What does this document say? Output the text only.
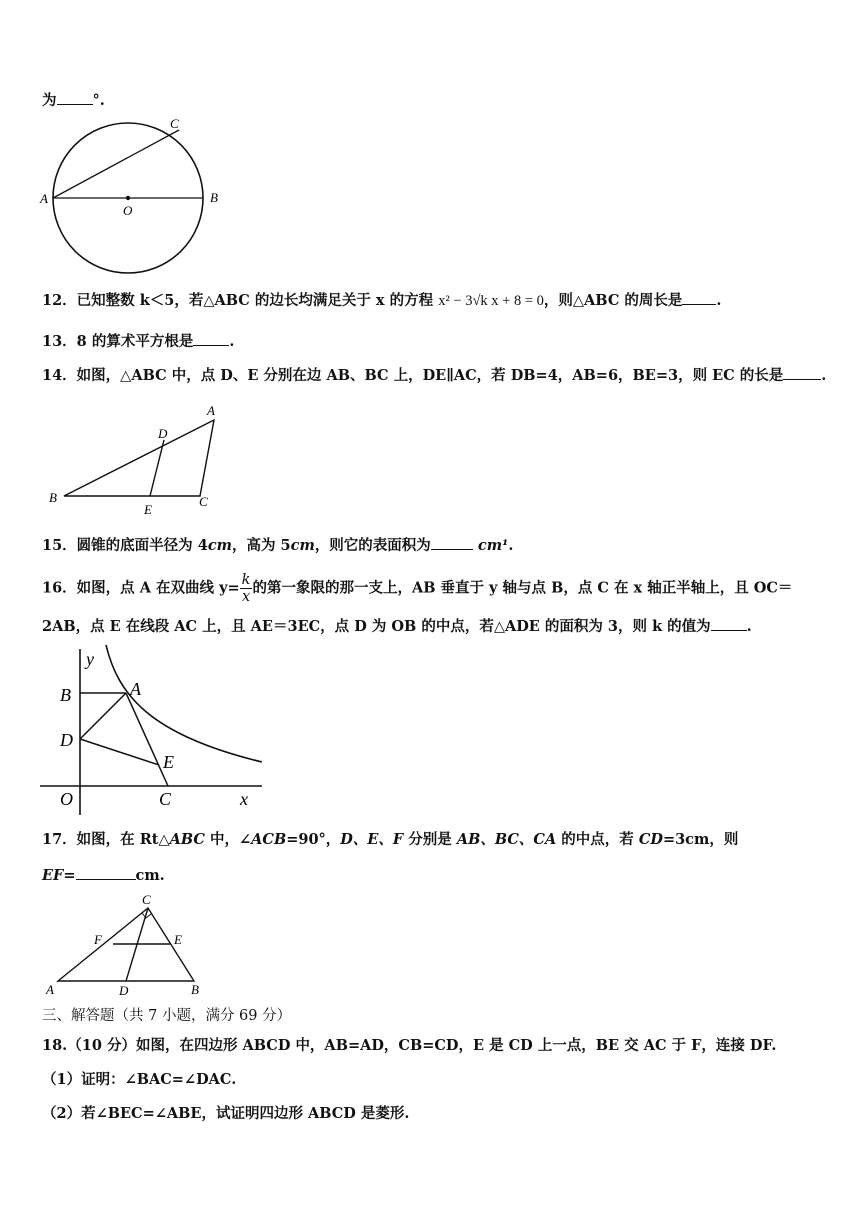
为 °.
A	B
C
O
12．已知整数 k＜5，若△ABC 的边长均满足关于 x 的方程 x² − 3√k x + 8 = 0，则△ABC 的周长是 .
13．8 的算术平方根是 .
14．如图，△ABC 中，点 D、E 分别在边 AB、BC 上，DE∥AC，若 DB=4，AB=6，BE=3，则 EC 的长是	.
A
B	C
D
E
15．圆锥的底面半径为 4cm，高为 5cm，则它的表面积为	cm¹.
16．如图，点 A 在双曲线 $y= \frac{k}{x}$ 的第一象限的那一支上，AB 垂直于 y 轴与点 B，点 C 在 x 轴正半轴上，且 OC＝
2AB，点 E 在线段 AC 上，且 AE＝3EC，点 D 为 OB 的中点，若△ADE 的面积为 3，则 k 的值为 .
y
x
O
B	A
D
E
C
17．如图，在 Rt△ABC 中，∠ACB=90°，D、E、F 分别是 AB、BC、CA 的中点，若 CD=3cm，则
EF=	cm.
C
F	E
A	D	B
三、解答题（共 7 小题，满分 69 分）
18.（10 分）如图，在四边形 ABCD 中，AB=AD，CB=CD，E 是 CD 上一点，BE 交 AC 于 F，连接 DF.
（1）证明：∠BAC=∠DAC.
（2）若∠BEC=∠ABE，试证明四边形 ABCD 是菱形.
